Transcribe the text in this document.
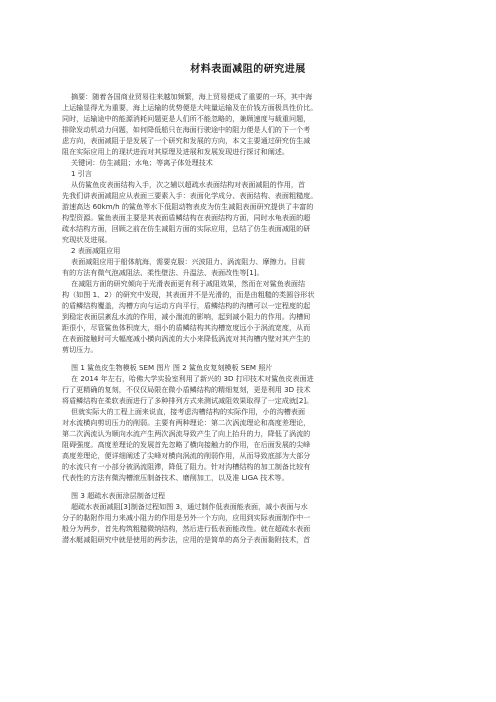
材料表面减阻的研究进展
摘要：随着各国商业贸易往来越加频繁，海上贸易便成了重要的一环，其中海
上运输显得尤为重要，海上运输的优势便是大吨量运输及在价钱方面极具性价比。
同时，运输途中的能源消耗问题更是人们所不能忽略的，兼顾速度与载重问题，
排除发动机动力问题，如何降低船只在海面行驶途中的阻力便是人们的下一个考
虑方向，表面减阻于是发展了一个研究和发展的方向，本文主要通过研究仿生减
阻在实际应用上的现状进而对其原理及进展和发展发现进行探讨和阐述。
关键词：仿生减阻；水龟；等离子体处理技术
1 引言
从仿鲨鱼皮表面结构入手，次之辅以超疏水表面结构对表面减阻的作用，首
先我们讲表面减阻应从表面三要素入手：表面化学成分、表面结构、表面粗糙度。
游速高达 60km/h 的鲨鱼等水下低阻动物表皮为仿生减阻表面研究提供了丰富的
构型资源。鲨鱼表面主要是其表面盾鳞结构在表面结构方面，同时水龟表面的超
疏水结构方面，回顾之前在仿生减阻方面的实际应用，总结了仿生表面减阻的研
究现状及进展。
2 表面减阻应用
表面减阻应用于船体航海，需要克服：兴波阻力、涡流阻力、摩擦力。目前
有的方法有微气泡减阻法、柔性壁法、升温法、表面改性等[1]。
在减阻方面的研究倾向于光滑表面更有利于减阻效果，然而在对鲨鱼表面结
构（如图 1、2）的研究中发现，其表面并不是光滑的，而是由粗糙的类圆谷形状
的盾鳞结构覆盖，沟槽方向与运动方向平行，盾鳞结构的沟槽可以一定程度的起
到稳定表面层紊乱水流的作用，减小湍流的影响，起到减小阻力的作用。沟槽间
距很小，尽管鲨鱼体积庞大，细小的盾鳞结构其沟槽宽度远小于涡流宽度，从而
在表面接触时可大幅度减小横向涡流的大小来降低涡流对其沟槽内壁对其产生的
剪切压力。
图 1 鲨鱼皮生物模板 SEM 图片 图 2 鲨鱼皮复刻模板 SEM 照片
在 2014 年左右，哈佛大学实验室利用了新兴的 3D 打印技术对鲨鱼皮表面进
行了更精确的复刻，不仅仅局限在微小盾鳞结构的精细复刻，更是利用 3D 技术
将盾鳞结构在柔软表面进行了多种排列方式来测试减阻效果取得了一定成就[2]。
但就实际大的工程上面来说直，接考虑沟槽结构的实际作用，小的沟槽表面
对水流横向剪切压力的削弱。主要有两种理论：第二次涡流理论和高度差理论，
第二次涡流认为顺向水流产生两次涡流导致产生了向上抬升的力，降低了涡流的
阻碍强度。高度差理论的发展首先忽略了横向接触力的作用，在后面发展的尖峰
高度差理论，便详细阐述了尖峰对横向涡流的削弱作用，从而导致底部为大部分
的水流只有一小部分被涡流阻滞，降低了阻力。针对沟槽结构的加工制备比较有
代表性的方法有微沟槽滚压制备技术、磨削加工，以及准 LIGA 技术等。
图 3 超疏水表面涂层制备过程
超疏水表面减阻[3]制备过程如图 3，通过制作低表面能表面，减小表面与水
分子的黏附作用力来减小阻力的作用是另外一个方向，应用到实际表面制作中一
般分为两步，首先构筑粗糙微纳结构，然后进行低表面能改性。就在超疏水表面
潜水艇减阻研究中就是使用的两步法，应用的是简单的高分子表面黏附技术，首
